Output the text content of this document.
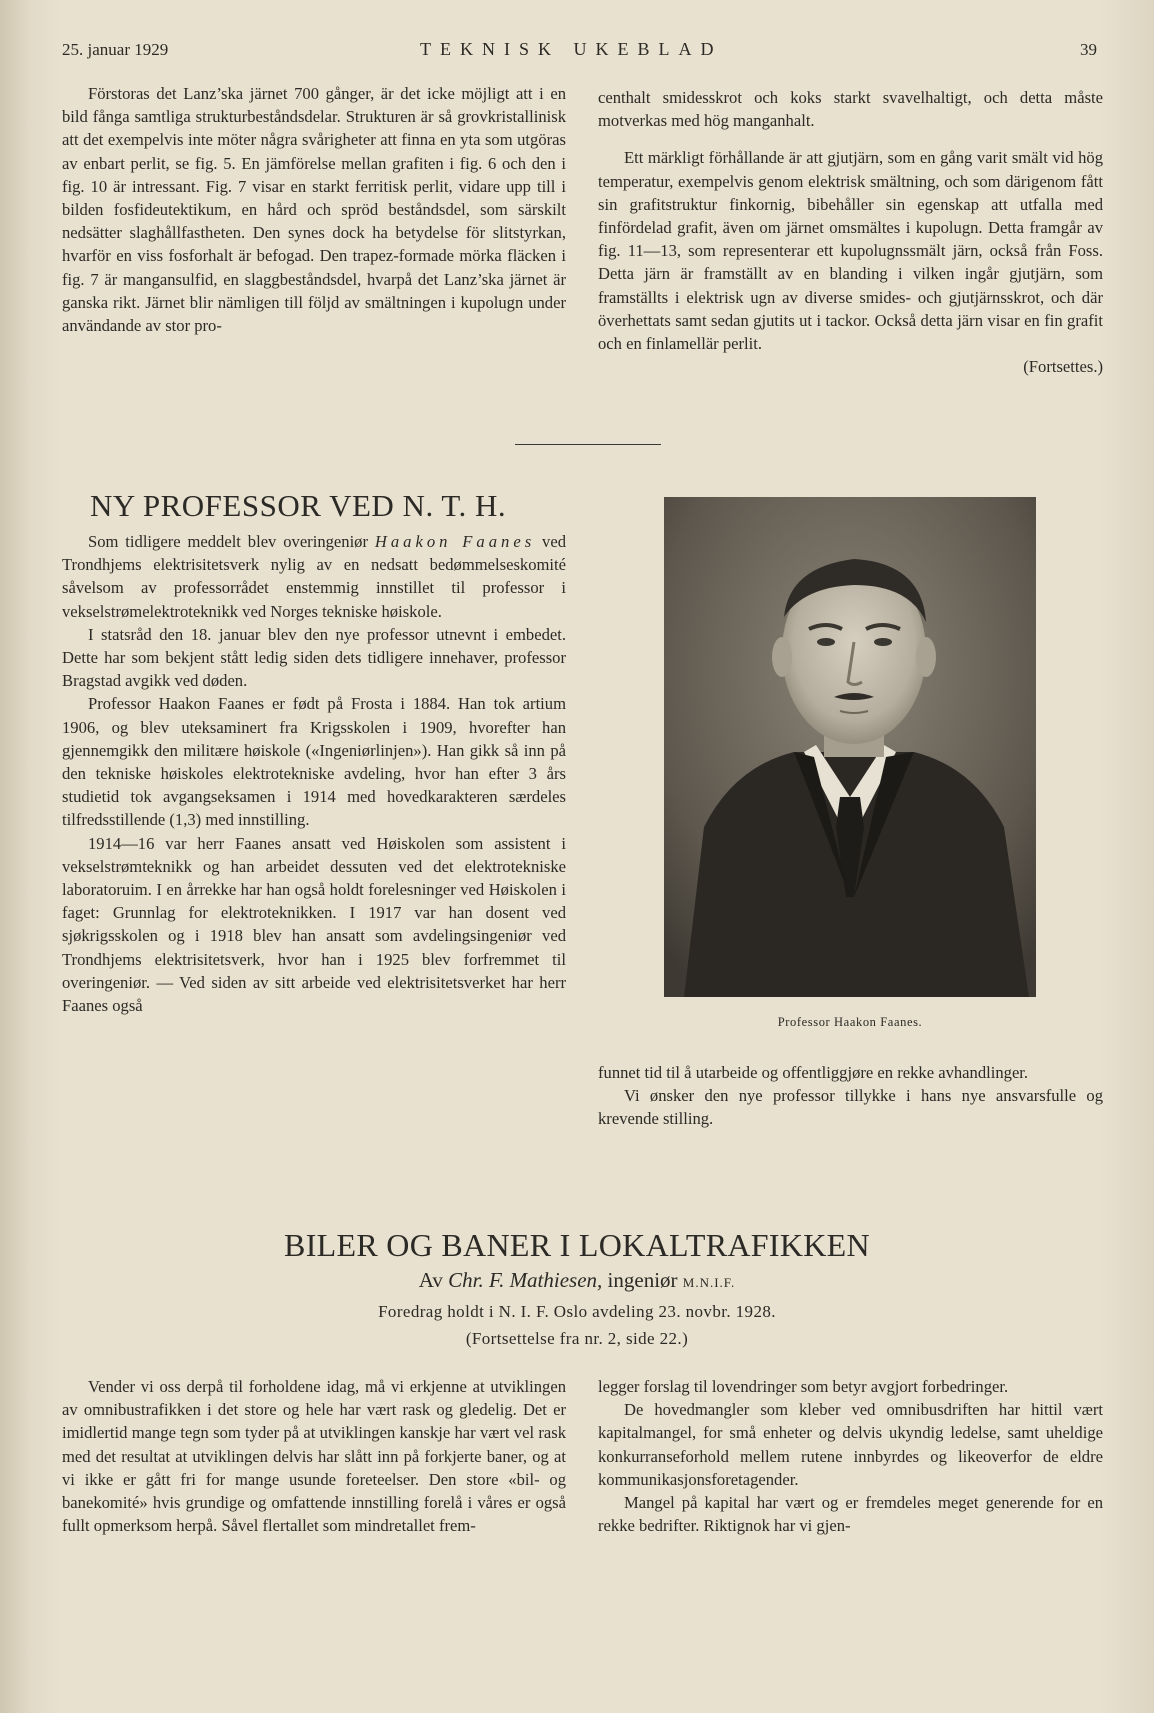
25. januar 1929	TEKNISK UKEBLAD	39

Förstoras det Lanz’ska järnet 700 gånger, är det icke möjligt att i en bild fånga samtliga strukturbeståndsdelar. Strukturen är så grovkristallinisk att det exempelvis inte möter några svårigheter att finna en yta som utgöras av enbart perlit, se fig. 5. En jämförelse mellan grafiten i fig. 6 och den i fig. 10 är intressant. Fig. 7 visar en starkt ferritisk perlit, vidare upp till i bilden fosfideutektikum, en hård och spröd beståndsdel, som särskilt nedsätter slaghållfastheten. Den synes dock ha betydelse för slitstyrkan, hvarför en viss fosforhalt är befogad. Den trapez-formade mörka fläcken i fig. 7 är mangansulfid, en slaggbeståndsdel, hvarpå det Lanz’ska järnet är ganska rikt. Järnet blir nämligen till följd av smältningen i kupolugn under användande av stor pro-

centhalt smidesskrot och koks starkt svavelhaltigt, och detta måste motverkas med hög manganhalt.

Ett märkligt förhållande är att gjutjärn, som en gång varit smält vid hög temperatur, exempelvis genom elektrisk smältning, och som därigenom fått sin grafitstruktur finkornig, bibehåller sin egenskap att utfalla med finfördelad grafit, även om järnet omsmältes i kupolugn. Detta framgår av fig. 11—13, som representerar ett kupolugnssmält järn, också från Foss. Detta järn är framställt av en blanding i vilken ingår gjutjärn, som framställts i elektrisk ugn av diverse smides- och gjutjärnsskrot, och där överhettats samt sedan gjutits ut i tackor. Också detta järn visar en fin grafit och en finlamellär perlit.

(Fortsettes.)

NY PROFESSOR VED N. T. H.

Som tidligere meddelt blev overingeniør Haakon Faanes ved Trondhjems elektrisitetsverk nylig av en nedsatt bedømmelseskomité såvelsom av professorrådet enstemmig innstillet til professor i vekselstrømelektroteknikk ved Norges tekniske høiskole.

I statsråd den 18. januar blev den nye professor utnevnt i embedet. Dette har som bekjent stått ledig siden dets tidligere innehaver, professor Bragstad avgikk ved døden.

Professor Haakon Faanes er født på Frosta i 1884. Han tok artium 1906, og blev uteksaminert fra Krigsskolen i 1909, hvorefter han gjennemgikk den militære høiskole («Ingeniørlinjen»). Han gikk så inn på den tekniske høiskoles elektrotekniske avdeling, hvor han efter 3 års studietid tok avgangseksamen i 1914 med hovedkarakteren særdeles tilfredsstillende (1,3) med innstilling.

1914—16 var herr Faanes ansatt ved Høiskolen som assistent i vekselstrømteknikk og han arbeidet dessuten ved det elektrotekniske laboratoruim. I en årrekke har han også holdt forelesninger ved Høiskolen i faget: Grunnlag for elektroteknikken. I 1917 var han dosent ved sjøkrigsskolen og i 1918 blev han ansatt som avdelingsingeniør ved Trondhjems elektrisitetsverk, hvor han i 1925 blev forfremmet til overingeniør. — Ved siden av sitt arbeide ved elektrisitetsverket har herr Faanes også

Professor Haakon Faanes.

funnet tid til å utarbeide og offentliggjøre en rekke avhandlinger.

Vi ønsker den nye professor tillykke i hans nye ansvarsfulle og krevende stilling.

BILER OG BANER I LOKALTRAFIKKEN
Av Chr. F. Mathiesen, ingeniør M.N.I.F.
Foredrag holdt i N. I. F. Oslo avdeling 23. novbr. 1928.
(Fortsettelse fra nr. 2, side 22.)

Vender vi oss derpå til forholdene idag, må vi erkjenne at utviklingen av omnibustrafikken i det store og hele har vært rask og gledelig. Det er imidlertid mange tegn som tyder på at utviklingen kanskje har vært vel rask med det resultat at utviklingen delvis har slått inn på forkjerte baner, og at vi ikke er gått fri for mange usunde foreteelser. Den store «bil- og banekomité» hvis grundige og omfattende innstilling forelå i våres er også fullt opmerksom herpå. Såvel flertallet som mindretallet frem-

legger forslag til lovendringer som betyr avgjort forbedringer.

De hovedmangler som kleber ved omnibusdriften har hittil vært kapitalmangel, for små enheter og delvis ukyndig ledelse, samt uheldige konkurranseforhold mellem rutene innbyrdes og likeoverfor de eldre kommunikasjonsforetagender.

Mangel på kapital har vært og er fremdeles meget generende for en rekke bedrifter. Riktignok har vi gjen-
